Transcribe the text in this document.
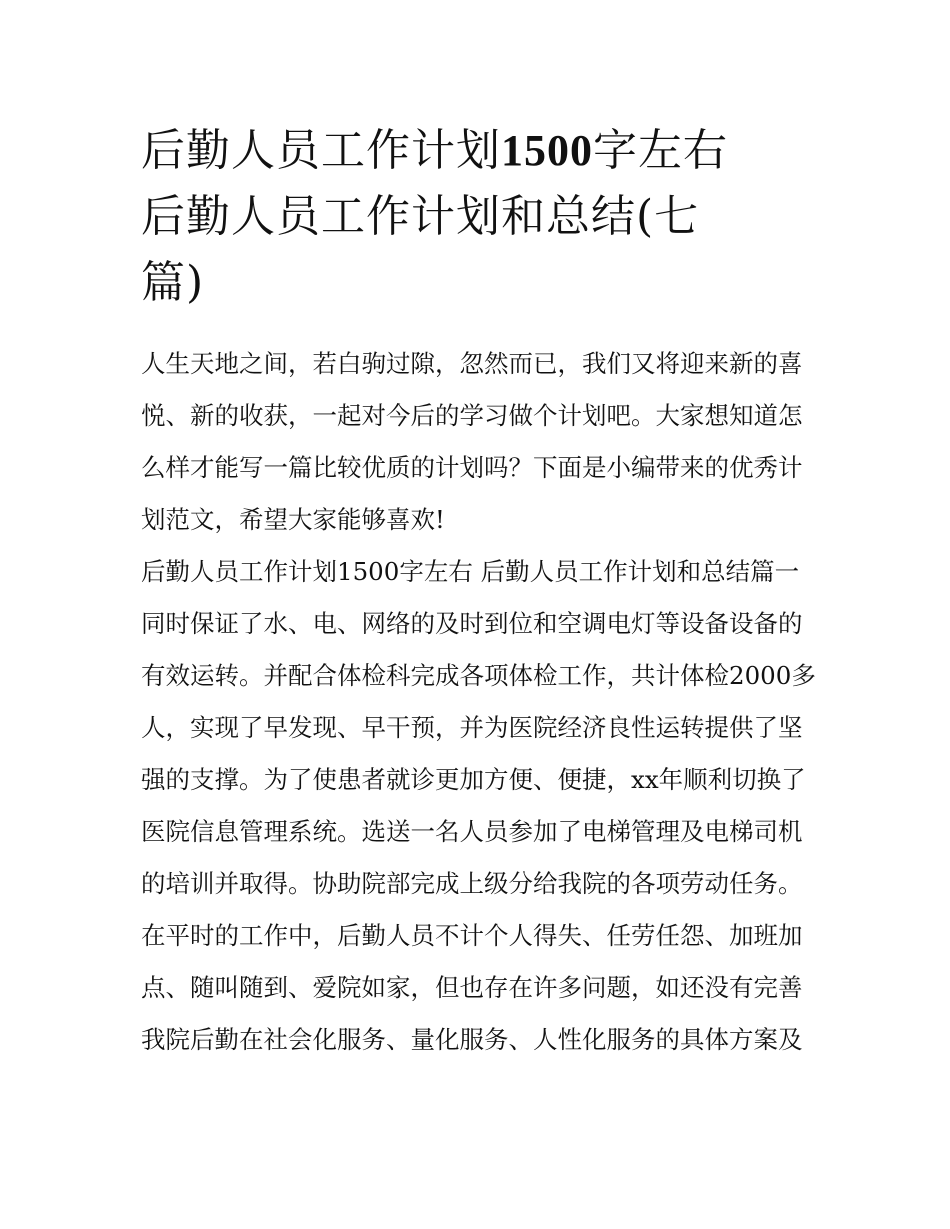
后勤人员工作计划1500字左右
后勤人员工作计划和总结(七
篇)

人生天地之间，若白驹过隙，忽然而已，我们又将迎来新的喜悦、新的收获，一起对今后的学习做个计划吧。大家想知道怎么样才能写一篇比较优质的计划吗？下面是小编带来的优秀计划范文，希望大家能够喜欢!

后勤人员工作计划1500字左右 后勤人员工作计划和总结篇一

同时保证了水、电、网络的及时到位和空调电灯等设备设备的有效运转。并配合体检科完成各项体检工作，共计体检2000多人，实现了早发现、早干预，并为医院经济良性运转提供了坚强的支撑。为了使患者就诊更加方便、便捷，xx年顺利切换了医院信息管理系统。选送一名人员参加了电梯管理及电梯司机的培训并取得。协助院部完成上级分给我院的各项劳动任务。

在平时的工作中，后勤人员不计个人得失、任劳任怨、加班加点、随叫随到、爱院如家，但也存在许多问题，如还没有完善我院后勤在社会化服务、量化服务、人性化服务的具体方案及
